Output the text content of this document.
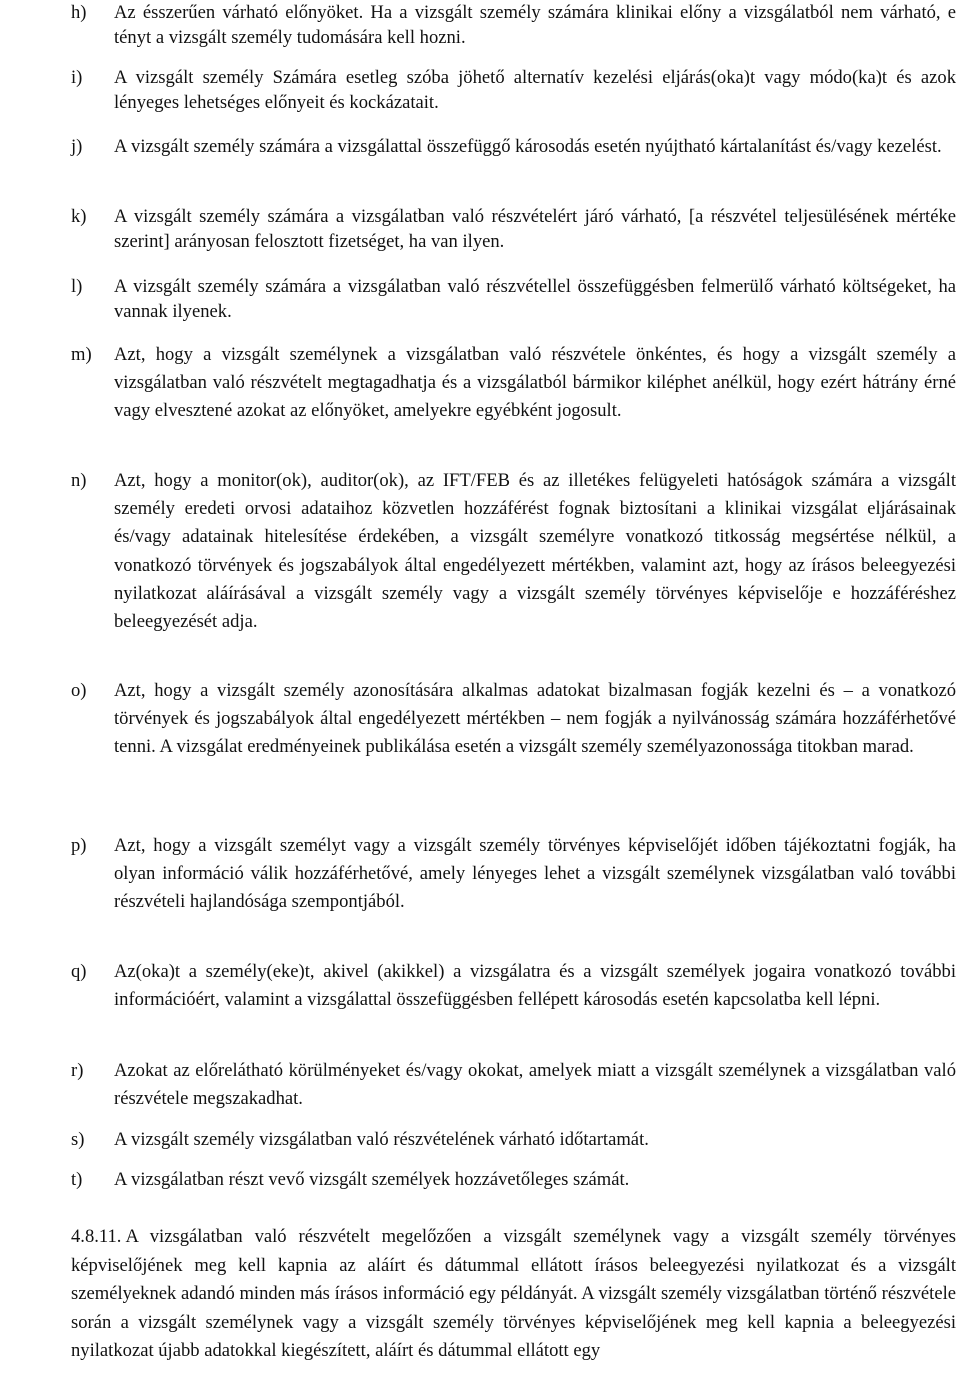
h)	Az ésszerűen várható előnyöket. Ha a vizsgált személy számára klinikai előny a vizsgálatból nem várható, e tényt a vizsgált személy tudomására kell hozni.
i)	A vizsgált személy Számára esetleg szóba jöhető alternatív kezelési eljárás(oka)t vagy módo(ka)t és azok lényeges lehetséges előnyeit és kockázatait.
j)	A vizsgált személy számára a vizsgálattal összefüggő károsodás esetén nyújtható kártalanítást és/vagy kezelést.
k)	A vizsgált személy számára a vizsgálatban való részvételért járó várható, [a részvétel teljesülésének mértéke szerint] arányosan felosztott fizetséget, ha van ilyen.
l)	A vizsgált személy számára a vizsgálatban való részvétellel összefüggésben felmerülő várható költségeket, ha vannak ilyenek.
m)	Azt, hogy a vizsgált személynek a vizsgálatban való részvétele önkéntes, és hogy a vizsgált személy a vizsgálatban való részvételt megtagadhatja és a vizsgálatból bármikor kiléphet anélkül, hogy ezért hátrány érné vagy elvesztené azokat az előnyöket, amelyekre egyébként jogosult.
n)	Azt, hogy a monitor(ok), auditor(ok), az IFT/FEB és az illetékes felügyeleti hatóságok számára a vizsgált személy eredeti orvosi adataihoz közvetlen hozzáférést fognak biztosítani a klinikai vizsgálat eljárásainak és/vagy adatainak hitelesítése érdekében, a vizsgált személyre vonatkozó titkosság megsértése nélkül, a vonatkozó törvények és jogszabályok által engedélyezett mértékben, valamint azt, hogy az írásos beleegyezési nyilatkozat aláírásával a vizsgált személy vagy a vizsgált személy törvényes képviselője e hozzáféréshez beleegyezését adja.
o)	Azt, hogy a vizsgált személy azonosítására alkalmas adatokat bizalmasan fogják kezelni és – a vonatkozó törvények és jogszabályok által engedélyezett mértékben – nem fogják a nyilvánosság számára hozzáférhetővé tenni. A vizsgálat eredményeinek publikálása esetén a vizsgált személy személyazonossága titokban marad.
p)	Azt, hogy a vizsgált személyt vagy a vizsgált személy törvényes képviselőjét időben tájékoztatni fogják, ha olyan információ válik hozzáférhetővé, amely lényeges lehet a vizsgált személynek vizsgálatban való további részvételi hajlandósága szempontjából.
q)	Az(oka)t a személy(eke)t, akivel (akikkel) a vizsgálatra és a vizsgált személyek jogaira vonatkozó további információért, valamint a vizsgálattal összefüggésben fellépett károsodás esetén kapcsolatba kell lépni.
r)	Azokat az előrelátható körülményeket és/vagy okokat, amelyek miatt a vizsgált személynek a vizsgálatban való részvétele megszakadhat.
s)	A vizsgált személy vizsgálatban való részvételének várható időtartamát.
t)	A vizsgálatban részt vevő vizsgált személyek hozzávetőleges számát.
4.8.11. A vizsgálatban való részvételt megelőzően a vizsgált személynek vagy a vizsgált személy törvényes képviselőjének meg kell kapnia az aláírt és dátummal ellátott írásos beleegyezési nyilatkozat és a vizsgált személyeknek adandó minden más írásos információ egy példányát. A vizsgált személy vizsgálatban történő részvétele során a vizsgált személynek vagy a vizsgált személy törvényes képviselőjének meg kell kapnia a beleegyezési nyilatkozat újabb adatokkal kiegészített, aláírt és dátummal ellátott egy
